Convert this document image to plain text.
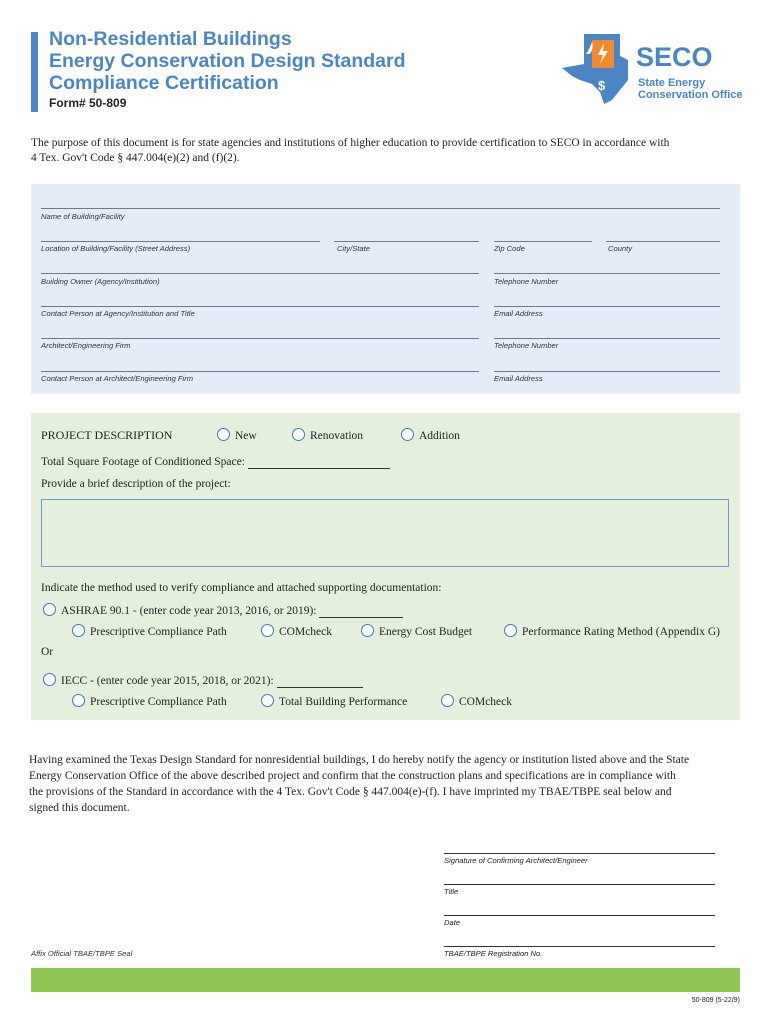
Non-Residential Buildings
Energy Conservation Design Standard
Compliance Certification
Form# 50-809
$
SECO
State Energy
Conservation Office
The purpose of this document is for state agencies and institutions of higher education to provide certification to SECO in accordance with
4 Tex. Gov't Code § 447.004(e)(2) and (f)(2).
Name of Building/Facility
Location of Building/Facility (Street Address)	City/State	Zip Code	County
Building Owner (Agency/Institution)	Telephone Number
Contact Person at Agency/Institution and Title	Email Address
Architect/Engineering Firm	Telephone Number
Contact Person at Architect/Engineering Firm	Email Address
PROJECT DESCRIPTION	New	Renovation	Addition
Total Square Footage of Conditioned Space:
Provide a brief description of the project:
Indicate the method used to verify compliance and attached supporting documentation:
ASHRAE 90.1 - (enter code year 2013, 2016, or 2019):
Prescriptive Compliance Path	COMcheck	Energy Cost Budget	Performance Rating Method (Appendix G)
Or
IECC - (enter code year 2015, 2018, or 2021):
Prescriptive Compliance Path	Total Building Performance	COMcheck
Having examined the Texas Design Standard for nonresidential buildings, I do hereby notify the agency or institution listed above and the State
Energy Conservation Office of the above described project and confirm that the construction plans and specifications are in compliance with
the provisions of the Standard in accordance with the 4 Tex. Gov't Code § 447.004(e)-(f). I have imprinted my TBAE/TBPE seal below and
signed this document.
Signature of Confirming Architect/Engineer
Title
Date
TBAE/TBPE Registration No.
Affix Official TBAE/TBPE Seal
50-809 (5-22/9)
